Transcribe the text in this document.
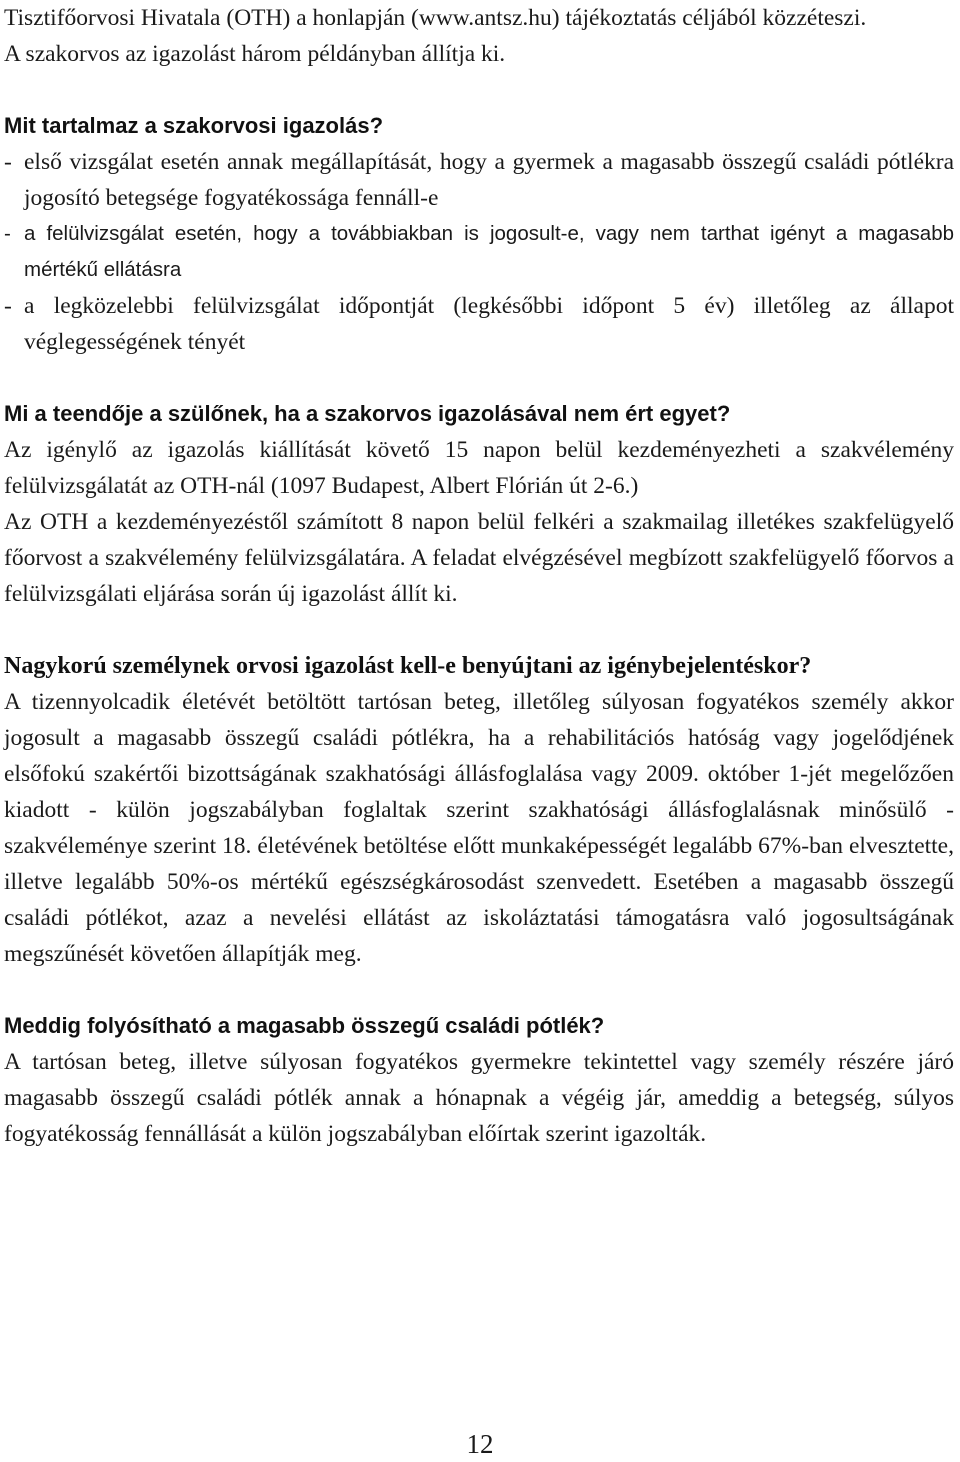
Tisztifőorvosi Hivatala (OTH) a honlapján (www.antsz.hu) tájékoztatás céljából közzéteszi.

A szakorvos az igazolást három példányban állítja ki.

Mit tartalmaz a szakorvosi igazolás?

- első vizsgálat esetén annak megállapítását, hogy a gyermek a magasabb összegű családi pótlékra jogosító betegsége fogyatékossága fennáll-e
- a felülvizsgálat esetén, hogy a továbbiakban is jogosult-e, vagy nem tarthat igényt a magasabb mértékű ellátásra
- a legközelebbi felülvizsgálat időpontját (legkésőbbi időpont 5 év) illetőleg az állapot véglegességének tényét

Mi a teendője a szülőnek, ha a szakorvos igazolásával nem ért egyet?

Az igénylő az igazolás kiállítását követő 15 napon belül kezdeményezheti a szakvélemény felülvizsgálatát az OTH-nál (1097 Budapest, Albert Flórián út 2-6.)

Az OTH a kezdeményezéstől számított 8 napon belül felkéri a szakmailag illetékes szakfelügyelő főorvost a szakvélemény felülvizsgálatára. A feladat elvégzésével megbízott szakfelügyelő főorvos a felülvizsgálati eljárása során új igazolást állít ki.

Nagykorú személynek orvosi igazolást kell-e benyújtani az igénybejelentéskor?

A tizennyolcadik életévét betöltött tartósan beteg, illetőleg súlyosan fogyatékos személy akkor jogosult a magasabb összegű családi pótlékra, ha a rehabilitációs hatóság vagy jogelődjének elsőfokú szakértői bizottságának szakhatósági állásfoglalása vagy 2009. október 1-jét megelőzően kiadott - külön jogszabályban foglaltak szerint szakhatósági állásfoglalásnak minősülő - szakvéleménye szerint 18. életévének betöltése előtt munkaképességét legalább 67%-ban elvesztette, illetve legalább 50%-os mértékű egészségkárosodást szenvedett. Esetében a magasabb összegű családi pótlékot, azaz a nevelési ellátást az iskoláztatási támogatásra való jogosultságának megszűnését követően állapítják meg.

Meddig folyósítható a magasabb összegű családi pótlék?

A tartósan beteg, illetve súlyosan fogyatékos gyermekre tekintettel vagy személy részére járó magasabb összegű családi pótlék annak a hónapnak a végéig jár, ameddig a betegség, súlyos fogyatékosság fennállását a külön jogszabályban előírtak szerint igazolták.

12
